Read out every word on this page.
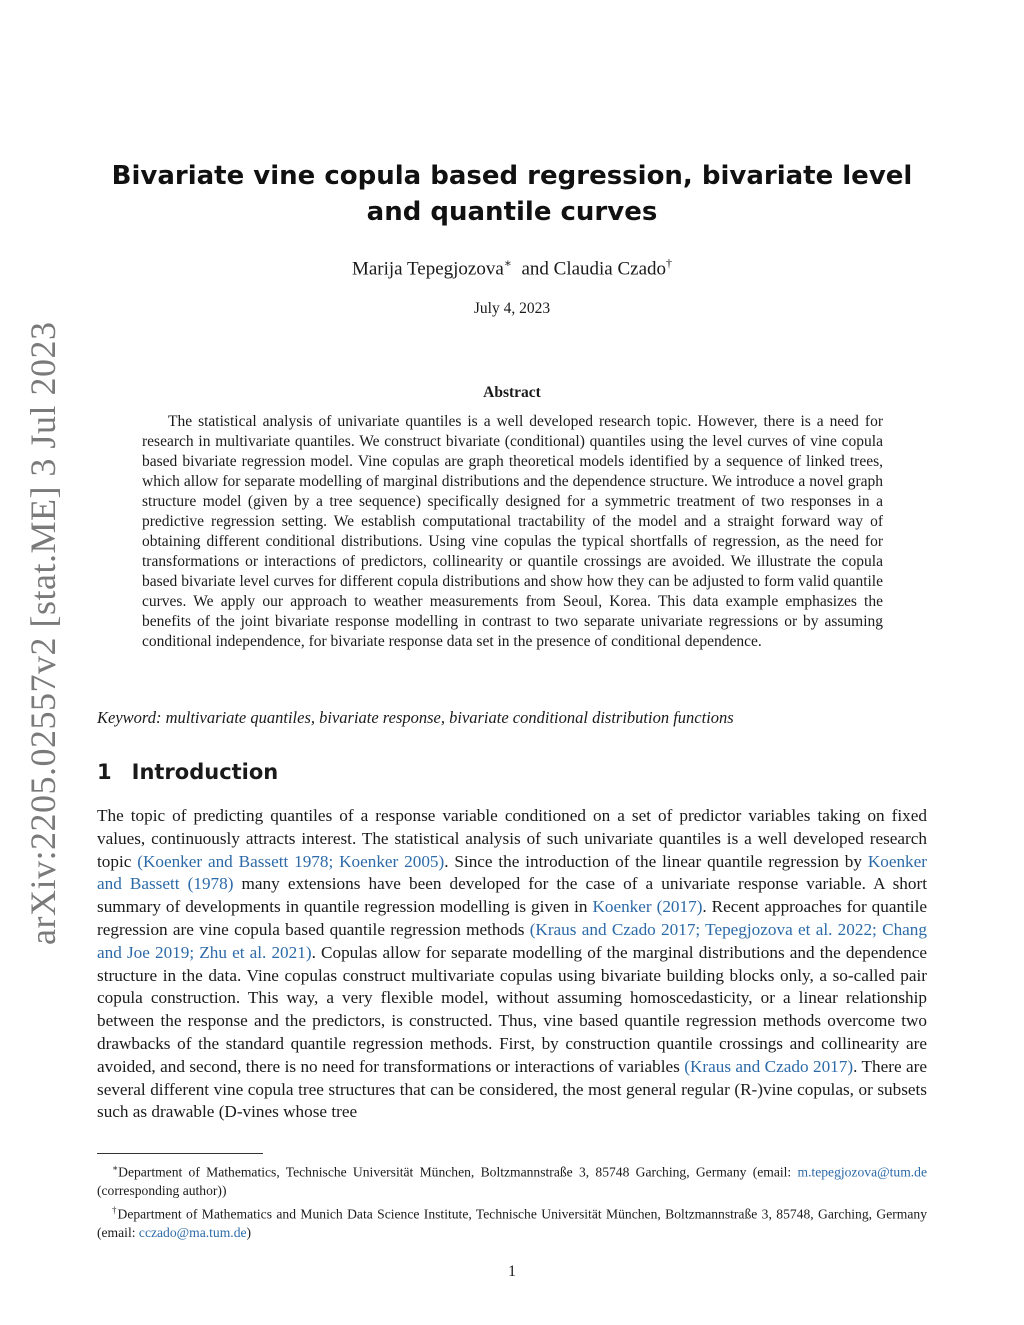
arXiv:2205.02557v2 [stat.ME] 3 Jul 2023
Bivariate vine copula based regression, bivariate level and quantile curves
Marija Tepegjozova∗ and Claudia Czado†
July 4, 2023
Abstract

The statistical analysis of univariate quantiles is a well developed research topic. However, there is a need for research in multivariate quantiles. We construct bivariate (conditional) quantiles using the level curves of vine copula based bivariate regression model. Vine copulas are graph theoretical models identified by a sequence of linked trees, which allow for separate modelling of marginal distributions and the dependence structure. We introduce a novel graph structure model (given by a tree sequence) specifically designed for a symmetric treatment of two responses in a predictive regression setting. We establish computational tractability of the model and a straight forward way of obtaining different conditional distributions. Using vine copulas the typical shortfalls of regression, as the need for transformations or interactions of predictors, collinearity or quantile crossings are avoided. We illustrate the copula based bivariate level curves for different copula distributions and show how they can be adjusted to form valid quantile curves. We apply our approach to weather measurements from Seoul, Korea. This data example emphasizes the benefits of the joint bivariate response modelling in contrast to two separate univariate regressions or by assuming conditional independence, for bivariate response data set in the presence of conditional dependence.

Keyword: multivariate quantiles, bivariate response, bivariate conditional distribution functions
1 Introduction

The topic of predicting quantiles of a response variable conditioned on a set of predictor variables taking on fixed values, continuously attracts interest. The statistical analysis of such univariate quantiles is a well developed research topic (Koenker and Bassett 1978; Koenker 2005). Since the introduction of the linear quantile regression by Koenker and Bassett (1978) many extensions have been developed for the case of a univariate response variable. A short summary of developments in quantile regression modelling is given in Koenker (2017). Recent approaches for quantile regression are vine copula based quantile regression methods (Kraus and Czado 2017; Tepegjozova et al. 2022; Chang and Joe 2019; Zhu et al. 2021). Copulas allow for separate modelling of the marginal distributions and the dependence structure in the data. Vine copulas construct multivariate copulas using bivariate building blocks only, a so-called pair copula construction. This way, a very flexible model, without assuming homoscedasticity, or a linear relationship between the response and the predictors, is constructed. Thus, vine based quantile regression methods overcome two drawbacks of the standard quantile regression methods. First, by construction quantile crossings and collinearity are avoided, and second, there is no need for transformations or interactions of variables (Kraus and Czado 2017). There are several different vine copula tree structures that can be considered, the most general regular (R-)vine copulas, or subsets such as drawable (D-vines whose tree

∗Department of Mathematics, Technische Universität München, Boltzmannstraße 3, 85748 Garching, Germany (email: m.tepegjozova@tum.de (corresponding author))

†Department of Mathematics and Munich Data Science Institute, Technische Universität München, Boltzmannstraße 3, 85748, Garching, Germany (email: cczado@ma.tum.de)

1
